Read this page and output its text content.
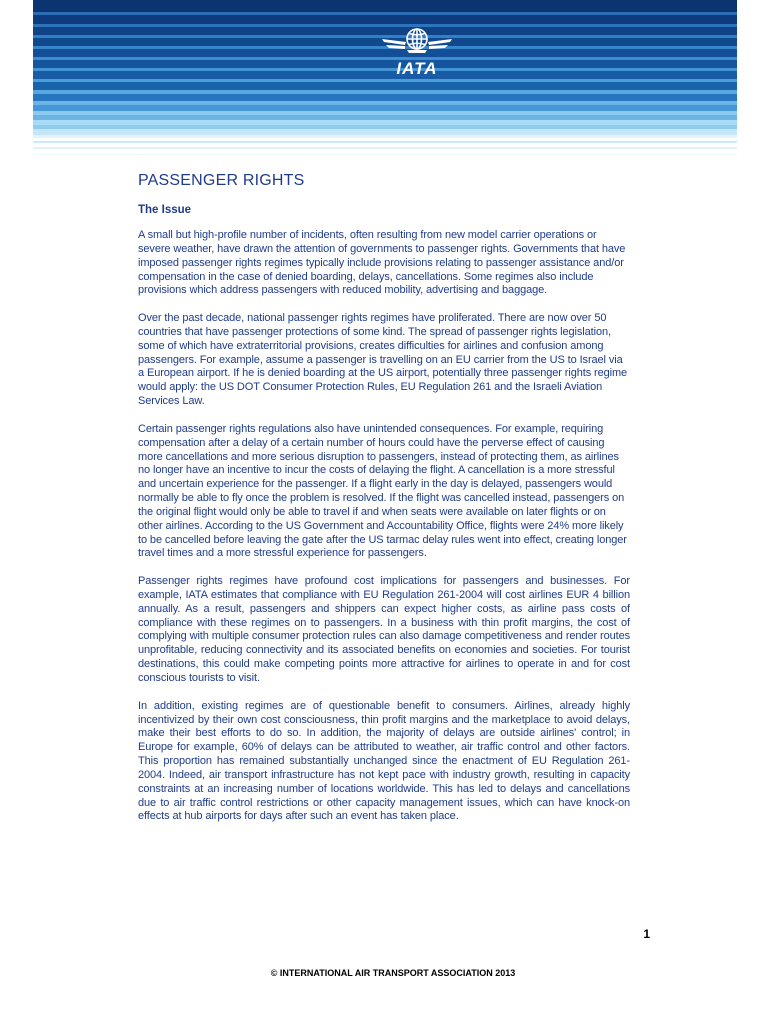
IATA
PASSENGER RIGHTS
The Issue

A small but high-profile number of incidents, often resulting from new model carrier operations or severe weather, have drawn the attention of governments to passenger rights. Governments that have imposed passenger rights regimes typically include provisions relating to passenger assistance and/or compensation in the case of denied boarding, delays, cancellations. Some regimes also include provisions which address passengers with reduced mobility, advertising and baggage.

Over the past decade, national passenger rights regimes have proliferated. There are now over 50 countries that have passenger protections of some kind. The spread of passenger rights legislation, some of which have extraterritorial provisions, creates difficulties for airlines and confusion among passengers. For example, assume a passenger is travelling on an EU carrier from the US to Israel via a European airport. If he is denied boarding at the US airport, potentially three passenger rights regime would apply: the US DOT Consumer Protection Rules, EU Regulation 261 and the Israeli Aviation Services Law.

Certain passenger rights regulations also have unintended consequences. For example, requiring compensation after a delay of a certain number of hours could have the perverse effect of causing more cancellations and more serious disruption to passengers, instead of protecting them, as airlines no longer have an incentive to incur the costs of delaying the flight. A cancellation is a more stressful and uncertain experience for the passenger. If a flight early in the day is delayed, passengers would normally be able to fly once the problem is resolved. If the flight was cancelled instead, passengers on the original flight would only be able to travel if and when seats were available on later flights or on other airlines. According to the US Government and Accountability Office, flights were 24% more likely to be cancelled before leaving the gate after the US tarmac delay rules went into effect, creating longer travel times and a more stressful experience for passengers.

Passenger rights regimes have profound cost implications for passengers and businesses. For example, IATA estimates that compliance with EU Regulation 261-2004 will cost airlines EUR 4 billion annually. As a result, passengers and shippers can expect higher costs, as airline pass costs of compliance with these regimes on to passengers. In a business with thin profit margins, the cost of complying with multiple consumer protection rules can also damage competitiveness and render routes unprofitable, reducing connectivity and its associated benefits on economies and societies. For tourist destinations, this could make competing points more attractive for airlines to operate in and for cost conscious tourists to visit.

In addition, existing regimes are of questionable benefit to consumers. Airlines, already highly incentivized by their own cost consciousness, thin profit margins and the marketplace to avoid delays, make their best efforts to do so. In addition, the majority of delays are outside airlines' control; in Europe for example, 60% of delays can be attributed to weather, air traffic control and other factors. This proportion has remained substantially unchanged since the enactment of EU Regulation 261-2004. Indeed, air transport infrastructure has not kept pace with industry growth, resulting in capacity constraints at an increasing number of locations worldwide. This has led to delays and cancellations due to air traffic control restrictions or other capacity management issues, which can have knock-on effects at hub airports for days after such an event has taken place.

1
© INTERNATIONAL AIR TRANSPORT ASSOCIATION 2013
